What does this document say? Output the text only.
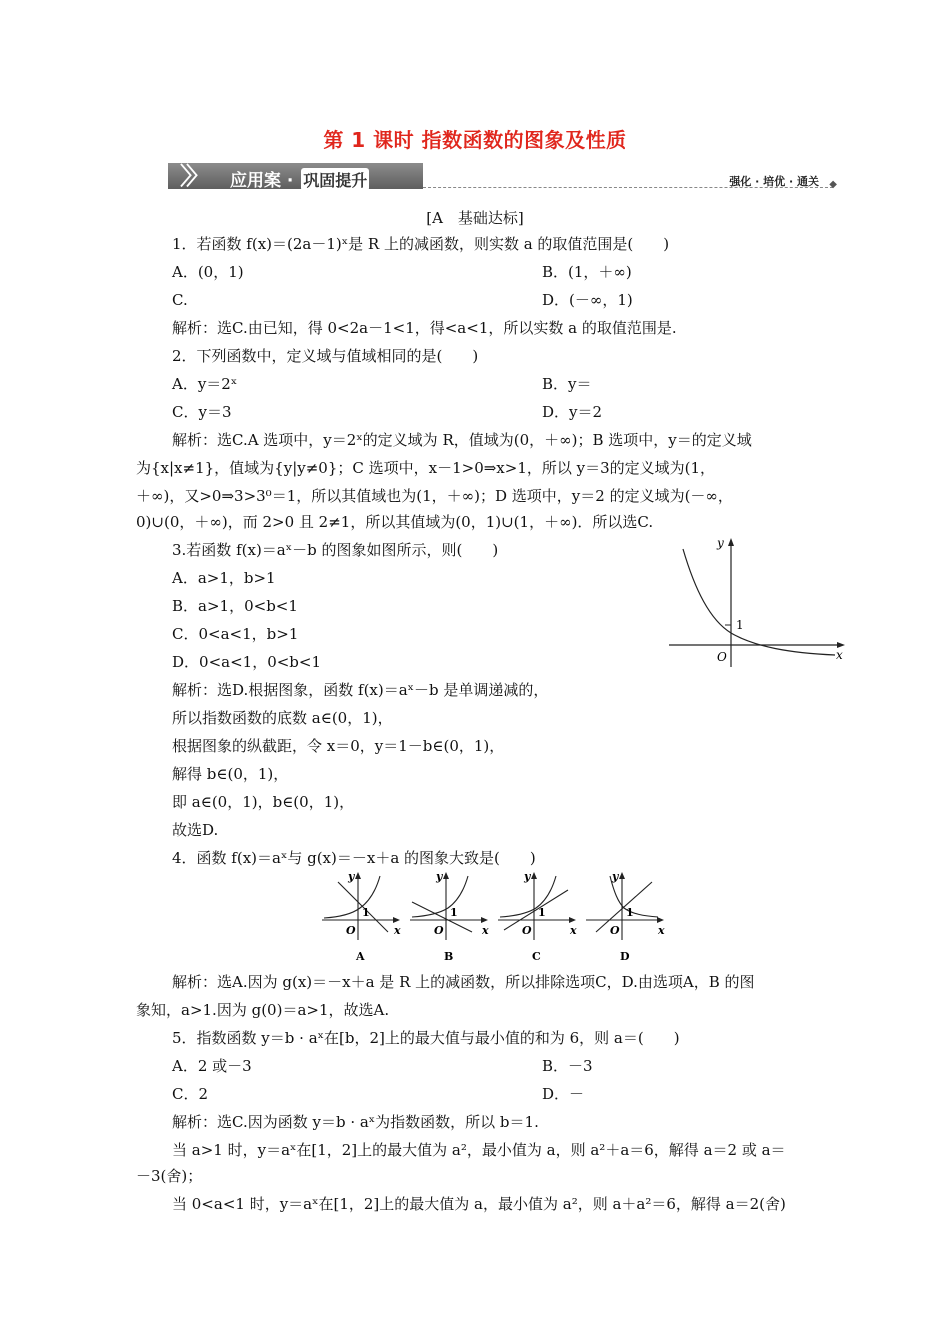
第 1 课时 指数函数的图象及性质
〉〉 应用案 · 巩固提升	强化 · 培优 · 通关 ◆
[A　基础达标]
1．若函数 f(x)＝(2a－1)ˣ是 R 上的减函数，则实数 a 的取值范围是(　　)
A．(0，1)	B．(1，＋∞)
C.	D．(－∞，1)
解析：选C.由已知，得 0<2a－1<1，得<a<1，所以实数 a 的取值范围是.
2．下列函数中，定义域与值域相同的是(　　)
A．y＝2ˣ	B．y＝
C．y＝3	D．y＝2
解析：选C.A 选项中，y＝2ˣ的定义域为 R，值域为(0，＋∞)；B 选项中，y＝的定义域
为{x|x≠1}，值域为{y|y≠0}；C 选项中，x－1>0⇒x>1，所以 y＝3的定义域为(1，
＋∞)，又>0⇒3>3⁰＝1，所以其值域也为(1，＋∞)；D 选项中，y＝2 的定义域为(－∞，
0)∪(0，＋∞)，而 2>0 且 2≠1，所以其值域为(0，1)∪(1，＋∞)．所以选C.
3.若函数 f(x)＝aˣ－b 的图象如图所示，则(　　)
A．a>1，b>1
B．a>1，0<b<1
C．0<a<1，b>1
D．0<a<1，0<b<1
y
x
O
1
解析：选D.根据图象，函数 f(x)＝aˣ－b 是单调递减的，
所以指数函数的底数 a∈(0，1)，
根据图象的纵截距，令 x＝0，y＝1－b∈(0，1)，
解得 b∈(0，1)，
即 a∈(0，1)，b∈(0，1)，
故选D.
4．函数 f(x)＝aˣ与 g(x)＝－x＋a 的图象大致是(　　)
y
x
O
1
A
y
x
O
1
B
y
x
O
1
C
y
x
O
1
D
解析：选A.因为 g(x)＝－x＋a 是 R 上的减函数，所以排除选项C，D.由选项A，B 的图
象知，a>1.因为 g(0)＝a>1，故选A.
5．指数函数 y＝b · aˣ在[b，2]上的最大值与最小值的和为 6，则 a＝(　　)
A．2 或－3	B．－3
C．2	D．－
解析：选C.因为函数 y＝b · aˣ为指数函数，所以 b＝1.
当 a>1 时，y＝aˣ在[1，2]上的最大值为 a²，最小值为 a，则 a²＋a＝6，解得 a＝2 或 a＝
－3(舍)；
当 0<a<1 时，y＝aˣ在[1，2]上的最大值为 a，最小值为 a²，则 a＋a²＝6，解得 a＝2(舍)
